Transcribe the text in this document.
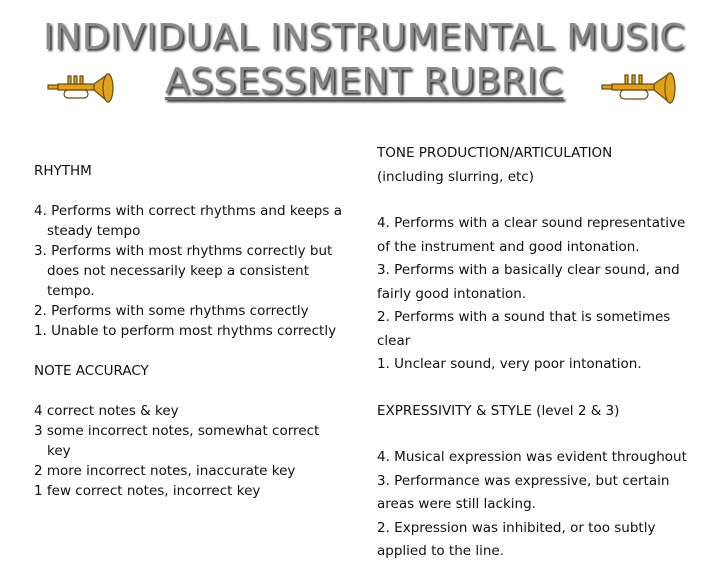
INDIVIDUAL INSTRUMENTAL MUSIC
ASSESSMENT RUBRIC

RHYTHM

4. Performs with correct rhythms and keeps a steady tempo

3. Performs with most rhythms correctly but does not necessarily keep a consistent tempo.

2. Performs with some rhythms correctly

1. Unable to perform most rhythms correctly

NOTE ACCURACY

4 correct notes & key

3 some incorrect notes, somewhat correct key

2 more incorrect notes, inaccurate key

1 few correct notes, incorrect key

TONE PRODUCTION/ARTICULATION

(including slurring, etc)

4. Performs with a clear sound representative

of the instrument and good intonation.

3. Performs with a basically clear sound, and

fairly good intonation.

2. Performs with a sound that is sometimes

clear

1. Unclear sound, very poor intonation.

EXPRESSIVITY & STYLE (level 2 & 3)

4. Musical expression was evident throughout

3. Performance was expressive, but certain

areas were still lacking.

2. Expression was inhibited, or too subtly

applied to the line.
